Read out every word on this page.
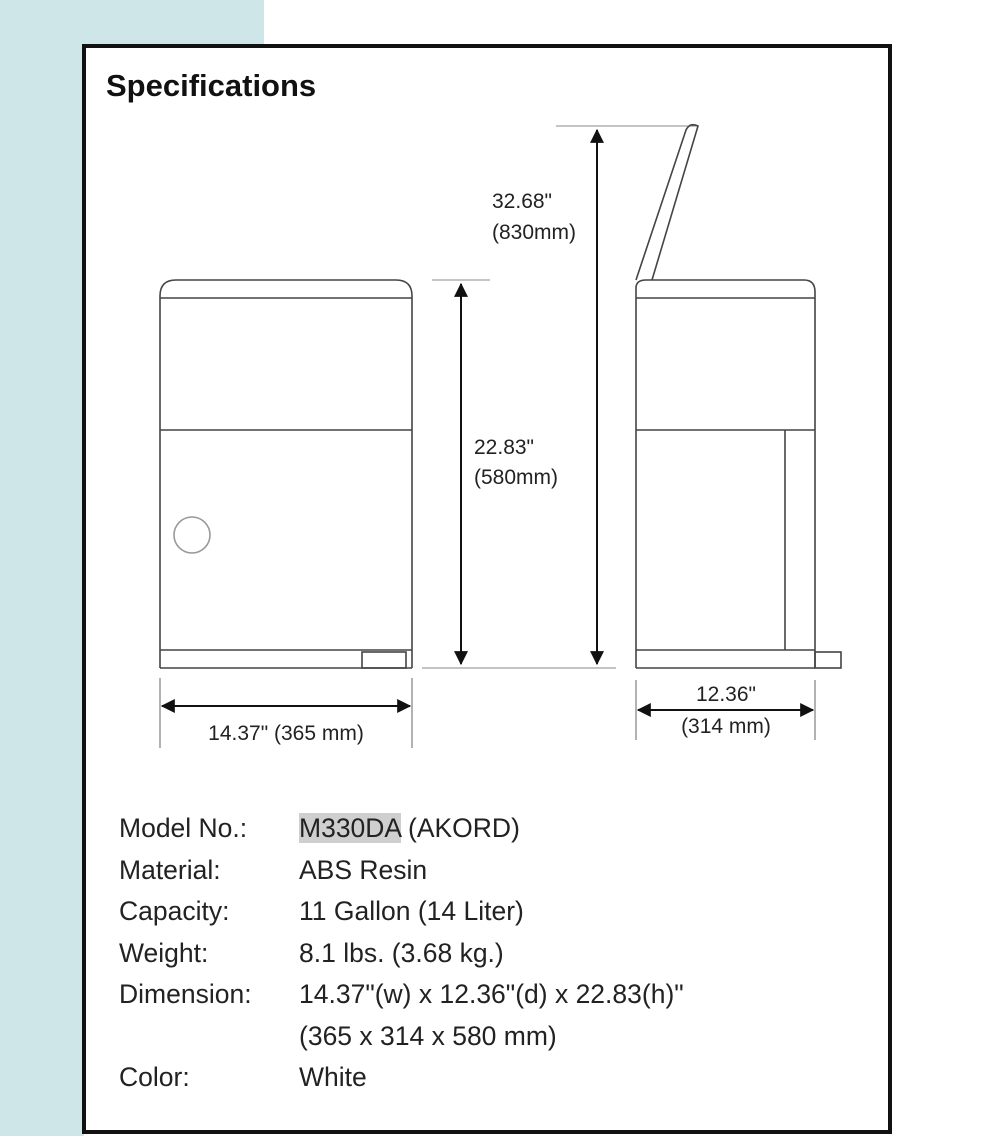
Specifications
14.37" (365 mm)
22.83"
(580mm)
32.68"
(830mm)
12.36"
(314 mm)
Model No.:	M330DA (AKORD)
Material:	ABS Resin
Capacity:	11 Gallon (14 Liter)
Weight:	8.1 lbs. (3.68 kg.)
Dimension:	14.37"(w) x 12.36"(d) x 22.83(h)"
	(365 x 314 x 580 mm)
Color:	White
